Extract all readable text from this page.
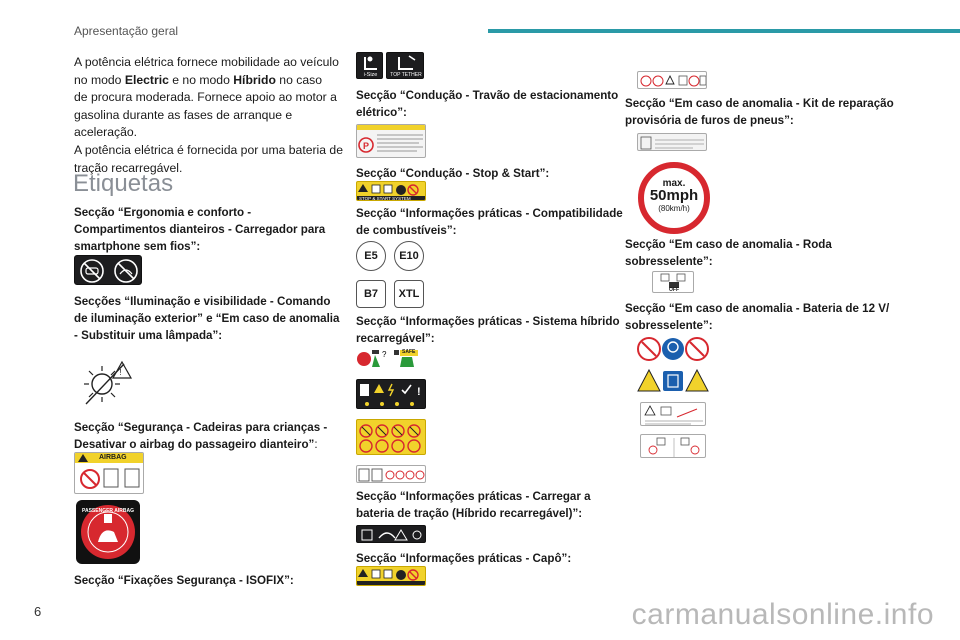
Apresentação geral
A potência elétrica fornece mobilidade ao veículo
no modo Electric e no modo Híbrido no caso
de procura moderada. Fornece apoio ao motor a
gasolina durante as fases de arranque e aceleração.
A potência elétrica é fornecida por uma bateria de
tração recarregável.
Etiquetas
Secção “Ergonomia e conforto -
Compartimentos dianteiros - Carregador para
smartphone sem fios”:
Secções “Iluminação e visibilidade - Comando
de iluminação exterior” e “Em caso de anomalia
- Substituir uma lâmpada”:
!
Secção “Segurança - Cadeiras para crianças -
Desativar o airbag do passageiro dianteiro”:
AIRBAG
PASSENGER AIRBAG
Secção “Fixações Segurança - ISOFIX”:
i-Size	TOP TETHER
Secção “Condução - Travão de estacionamento
elétrico”:
P
Secção “Condução - Stop & Start”:
STOP & START SYSTEM
Secção “Informações práticas - Compatibilidade
de combustíveis”:
E5 E10
B7 XTL
Secção “Informações práticas - Sistema híbrido
recarregável”:
?	SAFE
!
Secção “Informações práticas - Carregar a
bateria de tração (Híbrido recarregável)”:
Secção “Informações práticas - Capô”:
Secção “Em caso de anomalia - Kit de reparação
provisória de furos de pneus”:
max.
50mph
(80km/h)
Secção “Em caso de anomalia - Roda
sobresselente”:
OFF
Secção “Em caso de anomalia - Bateria de 12 V/
sobresselente”:
6	carmanualsonline.info
